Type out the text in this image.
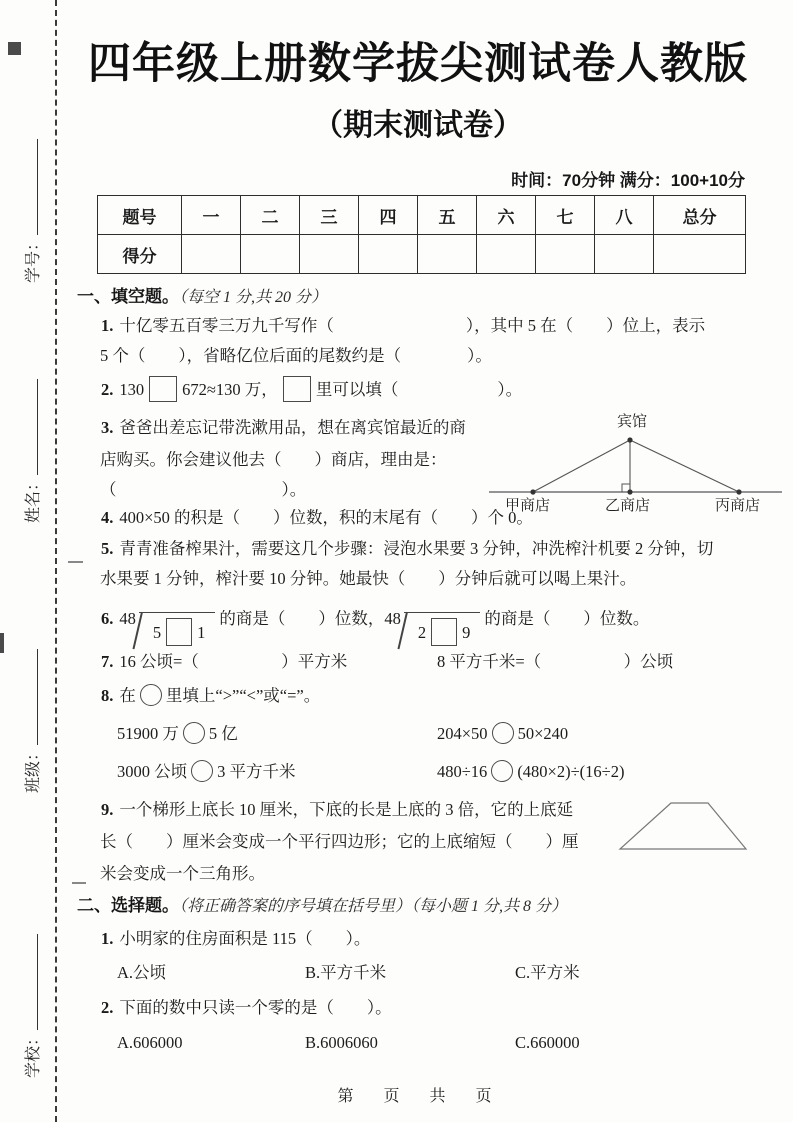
学号：
姓名：
班级：
学校：
四年级上册数学拔尖测试卷人教版
（期末测试卷）
时间：70分钟 满分：100+10分
题号	一	二	三	四	五	六	七	八	总分
得分									
一、填空题。（每空 1 分,共 20 分）
1. 十亿零五百零三万九千写作（　　　　　　　　），其中 5 在（　　）位上，表示
5 个（　　），省略亿位后面的尾数约是（　　　　）。
2. 130 672≈130 万， 里可以填（　　　　　　）。
3. 爸爸出差忘记带洗漱用品，想在离宾馆最近的商
店购买。你会建议他去（　　）商店，理由是：
（　　　　　　　　　　）。
宾馆
甲商店	乙商店	丙商店
4. 400×50 的积是（　　）位数，积的末尾有（　　）个 0。
5. 青青准备榨果汁，需要这几个步骤：浸泡水果要 3 分钟，冲洗榨汁机要 2 分钟，切
水果要 1 分钟，榨汁要 10 分钟。她最快（　　）分钟后就可以喝上果汁。
6. 485 1的商是（　　）位数，482 9的商是（　　）位数。
7. 16 公顷=（　　　　　）平方米	8 平方千米=（　　　　　）公顷
8. 在 里填上“>”“<”或“=”。
51900 万 5 亿	204×50 50×240
3000 公顷 3 平方千米	480÷16 (480×2)÷(16÷2)
9. 一个梯形上底长 10 厘米，下底的长是上底的 3 倍，它的上底延
长（　　）厘米会变成一个平行四边形；它的上底缩短（　　）厘
米会变成一个三角形。
二、选择题。（将正确答案的序号填在括号里）（每小题 1 分,共 8 分）
1. 小明家的住房面积是 115（　　）。
A.公顷	B.平方千米	C.平方米
2. 下面的数中只读一个零的是（　　）。
A.606000	B.6006060	C.660000
第　页　共　页
